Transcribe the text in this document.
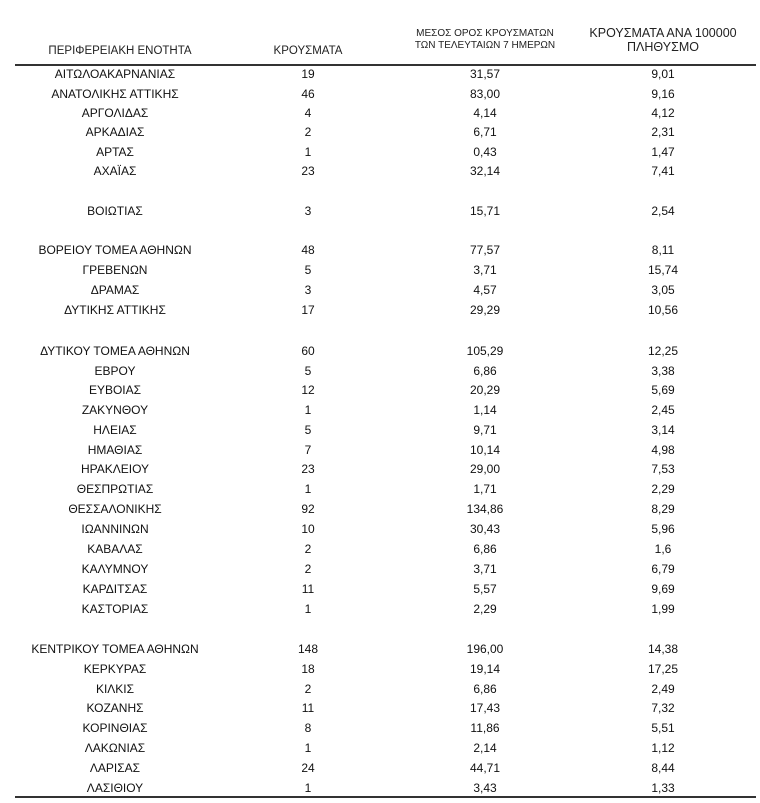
ΠΕΡΙΦΕΡΕΙΑΚΗ ΕΝΟΤΗΤΑ	ΚΡΟΥΣΜΑΤΑ
ΜΕΣΟΣ ΟΡΟΣ ΚΡΟΥΣΜΑΤΩΝ
ΤΩΝ ΤΕΛΕΥΤΑΙΩΝ 7 ΗΜΕΡΩΝ
ΚΡΟΥΣΜΑΤΑ ΑΝΑ 100000
ΠΛΗΘΥΣΜΟ
ΑΙΤΩΛΟΑΚΑΡΝΑΝΙΑΣ	19	31,57	9,01
ΑΝΑΤΟΛΙΚΗΣ ΑΤΤΙΚΗΣ	46	83,00	9,16
ΑΡΓΟΛΙΔΑΣ	4	4,14	4,12
ΑΡΚΑΔΙΑΣ	2	6,71	2,31
ΑΡΤΑΣ	1	0,43	1,47
ΑΧΑΪΑΣ	23	32,14	7,41
ΒΟΙΩΤΙΑΣ	3	15,71	2,54
ΒΟΡΕΙΟΥ ΤΟΜΕΑ ΑΘΗΝΩΝ	48	77,57	8,11
ΓΡΕΒΕΝΩΝ	5	3,71	15,74
ΔΡΑΜΑΣ	3	4,57	3,05
ΔΥΤΙΚΗΣ ΑΤΤΙΚΗΣ	17	29,29	10,56
ΔΥΤΙΚΟΥ ΤΟΜΕΑ ΑΘΗΝΩΝ	60	105,29	12,25
ΕΒΡΟΥ	5	6,86	3,38
ΕΥΒΟΙΑΣ	12	20,29	5,69
ΖΑΚΥΝΘΟΥ	1	1,14	2,45
ΗΛΕΙΑΣ	5	9,71	3,14
ΗΜΑΘΙΑΣ	7	10,14	4,98
ΗΡΑΚΛΕΙΟΥ	23	29,00	7,53
ΘΕΣΠΡΩΤΙΑΣ	1	1,71	2,29
ΘΕΣΣΑΛΟΝΙΚΗΣ	92	134,86	8,29
ΙΩΑΝΝΙΝΩΝ	10	30,43	5,96
ΚΑΒΑΛΑΣ	2	6,86	1,6
ΚΑΛΥΜΝΟΥ	2	3,71	6,79
ΚΑΡΔΙΤΣΑΣ	11	5,57	9,69
ΚΑΣΤΟΡΙΑΣ	1	2,29	1,99
ΚΕΝΤΡΙΚΟΥ ΤΟΜΕΑ ΑΘΗΝΩΝ	148	196,00	14,38
ΚΕΡΚΥΡΑΣ	18	19,14	17,25
ΚΙΛΚΙΣ	2	6,86	2,49
ΚΟΖΑΝΗΣ	11	17,43	7,32
ΚΟΡΙΝΘΙΑΣ	8	11,86	5,51
ΛΑΚΩΝΙΑΣ	1	2,14	1,12
ΛΑΡΙΣΑΣ	24	44,71	8,44
ΛΑΣΙΘΙΟΥ	1	3,43	1,33
